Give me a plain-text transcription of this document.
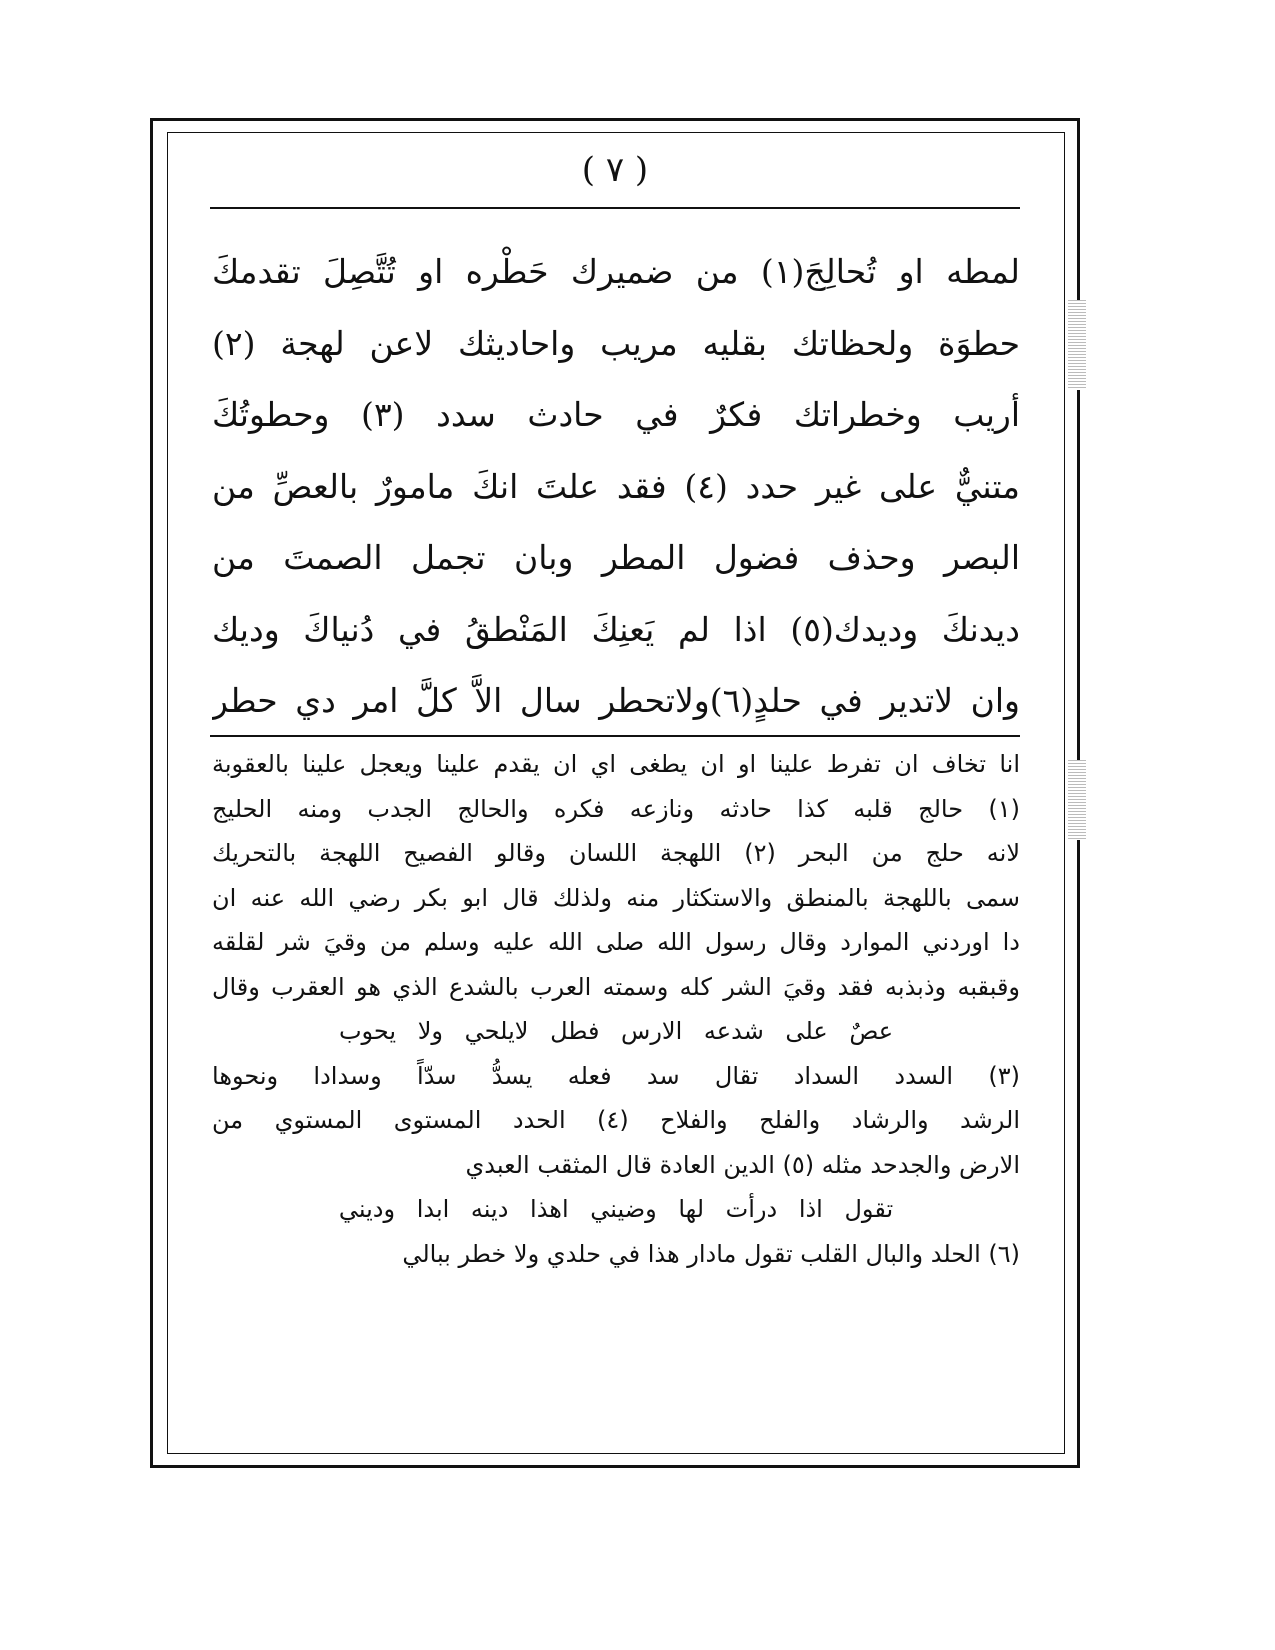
( ٧ )
لمطه او تُحالِجَ(١) من ضميرك حَطْره او تُتَّصِلَ تقدمكَ
حطوَة ولحظاتك بقليه مريب واحاديثك لاعن لهجة (٢)
أريب وخطراتك فكرٌ في حادث سدد (٣) وحطوتُكَ
متنيٌّ على غير حدد (٤) فقد علتَ انكَ مامورٌ بالعصِّ من
البصر وحذف فضول المطر وبان تجمل الصمتَ من
ديدنكَ وديدك(٥) اذا لم يَعنِكَ المَنْطقُ في دُنياكَ وديك
وان لاتدير في حلدٍ(٦)ولاتحطر سال الاَّ كلَّ امر دي حطر
انا تخاف ان تفرط علينا او ان يطغى اي ان يقدم علينا ويعجل علينا بالعقوبة
(١) حالج قلبه كذا حادثه ونازعه فكره والحالج الجدب ومنه الحليج
لانه حلج من البحر (٢) اللهجة اللسان وقالو الفصيح اللهجة بالتحريك
سمى باللهجة بالمنطق والاستكثار منه ولذلك قال ابو بكر رضي الله عنه ان
دا اوردني الموارد وقال رسول الله صلى الله عليه وسلم من وقيَ شر لقلقه
وقبقبه وذبذبه فقد وقيَ الشر كله وسمته العرب بالشدع الذي هو العقرب وقال
عصٌ على شدعه الارس فطل لايلحي ولا يحوب
(٣) السدد السداد تقال سد فعله يسدُّ سدّاً وسدادا ونحوها
الرشد والرشاد والفلح والفلاح (٤) الحدد المستوى المستوي من
الارض والجدحد مثله (٥) الدين العادة قال المثقب العبدي
تقول اذا درأت لها وضيني اهذا دينه ابدا وديني
(٦) الحلد والبال القلب تقول مادار هذا في حلدي ولا خطر ببالي
